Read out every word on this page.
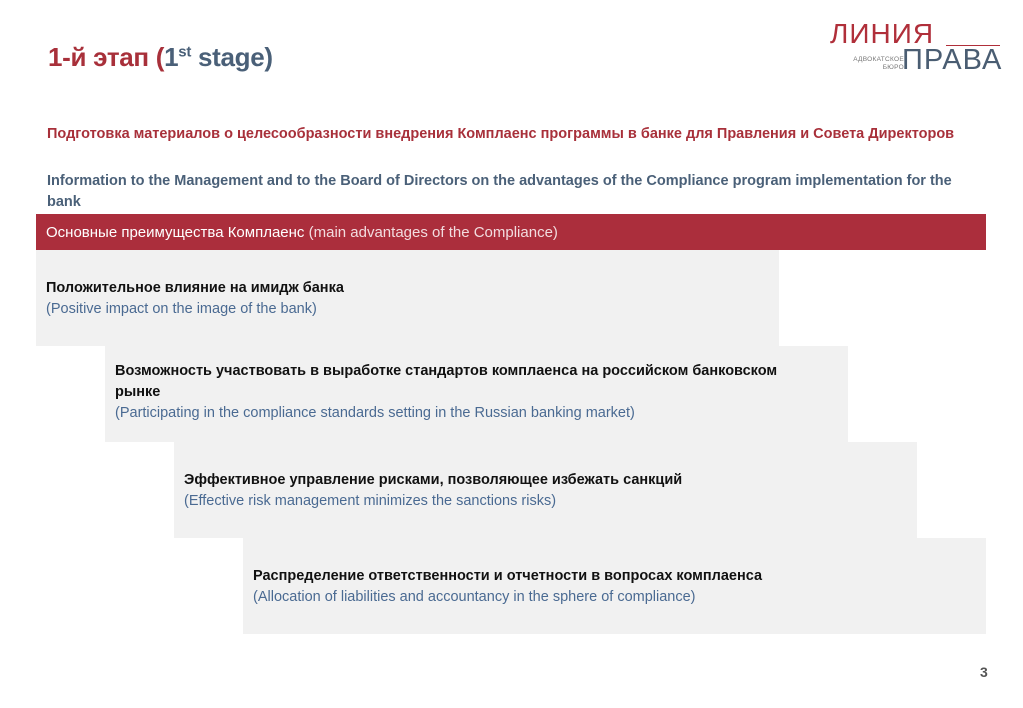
1-й этап (1st stage)
ЛИНИЯ
АДВОКАТСКОЕ
БЮРО
ПРАВА

Подготовка материалов о целесообразности внедрения Комплаенс программы в банке для Правления и Совета Директоров

Information to the Management and to the Board of Directors on the advantages of the Compliance program implementation for the bank

Основные преимущества Комплаенс (main advantages of the Compliance)
Положительное влияние на имидж банка
(Positive impact on the image of the bank)
Возможность участвовать в выработке стандартов комплаенса на российском банковском рынке
(Participating in the compliance standards setting in the Russian banking market)
Эффективное управление рисками, позволяющее избежать санкций
(Effective risk management minimizes the sanctions risks)
Распределение ответственности и отчетности в вопросах комплаенса
(Allocation of liabilities and accountancy in the sphere of compliance)
3
